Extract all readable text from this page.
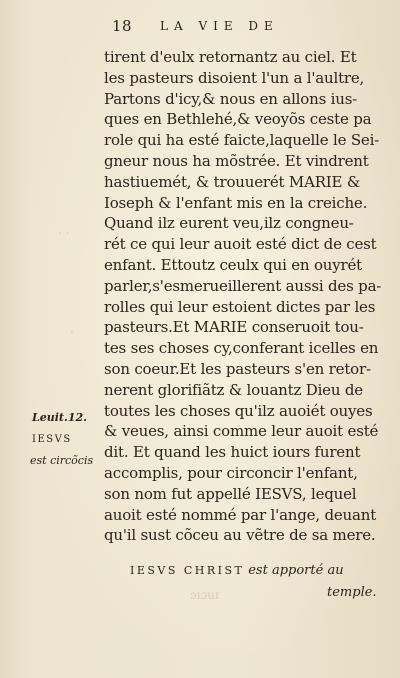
18 LA VIE DE
. .
.
ɔıɔuɪ
tirent d'eulx retornantz au ciel. Et
les pasteurs disoient l'un a l'aultre,
Partons d'icy,& nous en allons ius-
ques en Bethlehé,& veoyõs ceste pa
role qui ha esté faicte,laquelle le Sei-
gneur nous ha mõstrée. Et vindrent
hastiuemét, & trouuerét MARIE &
Ioseph & l'enfant mis en la creiche.
Quand ilz eurent veu,ilz congneu-
rét ce qui leur auoit esté dict de cest
enfant. Ettoutz ceulx qui en ouyrét
parler,s'esmerueillerent aussi des pa-
rolles qui leur estoient dictes par les
pasteurs.Et MARIE conseruoit tou-
tes ses choses cy,conferant icelles en
son coeur.Et les pasteurs s'en retor-
nerent glorifiãtz & louantz Dieu de
toutes les choses qu'ilz auoiét ouyes
& veues, ainsi comme leur auoit esté
dit. Et quand les huict iours furent
accomplis, pour circoncir l'enfant,
son nom fut appellé IESVS, lequel
auoit esté nommé par l'ange, deuant
qu'il sust cõceu au vẽtre de sa mere.
Leuit.12.
IESVS
est circõcis
IESVS CHRIST est apporté au
temple.
